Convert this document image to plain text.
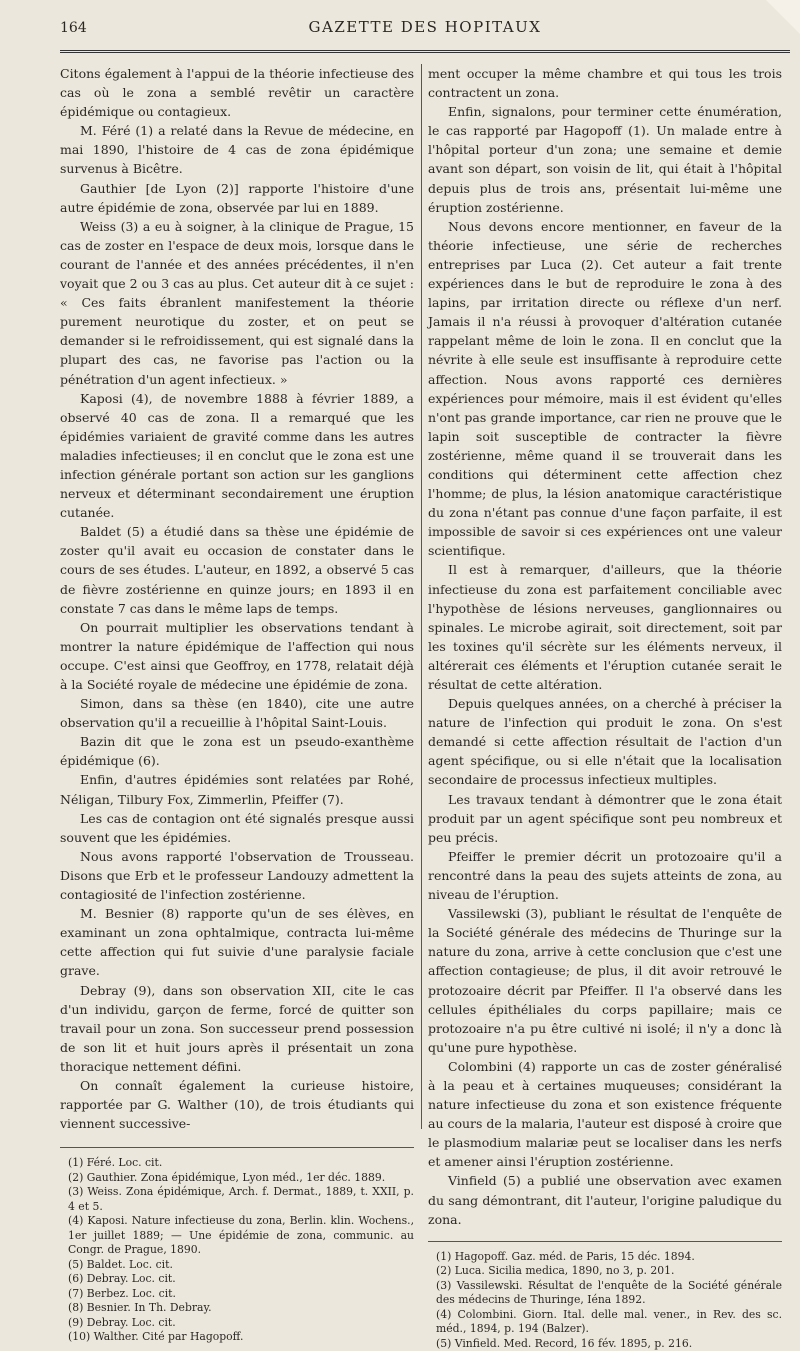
164	GAZETTE DES HOPITAUX

Citons également à l'appui de la théorie infectieuse des cas où le zona a semblé revêtir un caractère épidémique ou contagieux.

M. Féré (1) a relaté dans la Revue de médecine, en mai 1890, l'histoire de 4 cas de zona épidémique survenus à Bicêtre.

Gauthier [de Lyon (2)] rapporte l'histoire d'une autre épidémie de zona, observée par lui en 1889.

Weiss (3) a eu à soigner, à la clinique de Prague, 15 cas de zoster en l'espace de deux mois, lorsque dans le courant de l'année et des années précédentes, il n'en voyait que 2 ou 3 cas au plus. Cet auteur dit à ce sujet : « Ces faits ébranlent manifestement la théorie purement neurotique du zoster, et on peut se demander si le refroidissement, qui est signalé dans la plupart des cas, ne favorise pas l'action ou la pénétration d'un agent infectieux. »

Kaposi (4), de novembre 1888 à février 1889, a observé 40 cas de zona. Il a remarqué que les épidémies variaient de gravité comme dans les autres maladies infectieuses; il en conclut que le zona est une infection générale portant son action sur les ganglions nerveux et déterminant secondairement une éruption cutanée.

Baldet (5) a étudié dans sa thèse une épidémie de zoster qu'il avait eu occasion de constater dans le cours de ses études. L'auteur, en 1892, a observé 5 cas de fièvre zostérienne en quinze jours; en 1893 il en constate 7 cas dans le même laps de temps.

On pourrait multiplier les observations tendant à montrer la nature épidémique de l'affection qui nous occupe. C'est ainsi que Geoffroy, en 1778, relatait déjà à la Société royale de médecine une épidémie de zona.

Simon, dans sa thèse (en 1840), cite une autre observation qu'il a recueillie à l'hôpital Saint-Louis.

Bazin dit que le zona est un pseudo-exanthème épidémique (6).

Enfin, d'autres épidémies sont relatées par Rohé, Néligan, Tilbury Fox, Zimmerlin, Pfeiffer (7).

Les cas de contagion ont été signalés presque aussi souvent que les épidémies.

Nous avons rapporté l'observation de Trousseau. Disons que Erb et le professeur Landouzy admettent la contagiosité de l'infection zostérienne.

M. Besnier (8) rapporte qu'un de ses élèves, en examinant un zona ophtalmique, contracta lui-même cette affection qui fut suivie d'une paralysie faciale grave.

Debray (9), dans son observation XII, cite le cas d'un individu, garçon de ferme, forcé de quitter son travail pour un zona. Son successeur prend possession de son lit et huit jours après il présentait un zona thoracique nettement défini.

On connaît également la curieuse histoire, rapportée par G. Walther (10), de trois étudiants qui viennent successive-

(1) Féré. Loc. cit.
(2) Gauthier. Zona épidémique, Lyon méd., 1er déc. 1889.
(3) Weiss. Zona épidémique, Arch. f. Dermat., 1889, t. XXII, p. 4 et 5.
(4) Kaposi. Nature infectieuse du zona, Berlin. klin. Wochens., 1er juillet 1889; — Une épidémie de zona, communic. au Congr. de Prague, 1890.
(5) Baldet. Loc. cit.
(6) Debray. Loc. cit.
(7) Berbez. Loc. cit.
(8) Besnier. In Th. Debray.
(9) Debray. Loc. cit.
(10) Walther. Cité par Hagopoff.

ment occuper la même chambre et qui tous les trois contractent un zona.

Enfin, signalons, pour terminer cette énumération, le cas rapporté par Hagopoff (1). Un malade entre à l'hôpital porteur d'un zona; une semaine et demie avant son départ, son voisin de lit, qui était à l'hôpital depuis plus de trois ans, présentait lui-même une éruption zostérienne.

Nous devons encore mentionner, en faveur de la théorie infectieuse, une série de recherches entreprises par Luca (2). Cet auteur a fait trente expériences dans le but de reproduire le zona à des lapins, par irritation directe ou réflexe d'un nerf. Jamais il n'a réussi à provoquer d'altération cutanée rappelant même de loin le zona. Il en conclut que la névrite à elle seule est insuffisante à reproduire cette affection. Nous avons rapporté ces dernières expériences pour mémoire, mais il est évident qu'elles n'ont pas grande importance, car rien ne prouve que le lapin soit susceptible de contracter la fièvre zostérienne, même quand il se trouverait dans les conditions qui déterminent cette affection chez l'homme; de plus, la lésion anatomique caractéristique du zona n'étant pas connue d'une façon parfaite, il est impossible de savoir si ces expériences ont une valeur scientifique.

Il est à remarquer, d'ailleurs, que la théorie infectieuse du zona est parfaitement conciliable avec l'hypothèse de lésions nerveuses, ganglionnaires ou spinales. Le microbe agirait, soit directement, soit par les toxines qu'il sécrète sur les éléments nerveux, il altérerait ces éléments et l'éruption cutanée serait le résultat de cette altération.

Depuis quelques années, on a cherché à préciser la nature de l'infection qui produit le zona. On s'est demandé si cette affection résultait de l'action d'un agent spécifique, ou si elle n'était que la localisation secondaire de processus infectieux multiples.

Les travaux tendant à démontrer que le zona était produit par un agent spécifique sont peu nombreux et peu précis.

Pfeiffer le premier décrit un protozoaire qu'il a rencontré dans la peau des sujets atteints de zona, au niveau de l'éruption.

Vassilewski (3), publiant le résultat de l'enquête de la Société générale des médecins de Thuringe sur la nature du zona, arrive à cette conclusion que c'est une affection contagieuse; de plus, il dit avoir retrouvé le protozoaire décrit par Pfeiffer. Il l'a observé dans les cellules épithéliales du corps papillaire; mais ce protozoaire n'a pu être cultivé ni isolé; il n'y a donc là qu'une pure hypothèse.

Colombini (4) rapporte un cas de zoster généralisé à la peau et à certaines muqueuses; considérant la nature infectieuse du zona et son existence fréquente au cours de la malaria, l'auteur est disposé à croire que le plasmodium malariæ peut se localiser dans les nerfs et amener ainsi l'éruption zostérienne.

Vinfield (5) a publié une observation avec examen du sang démontrant, dit l'auteur, l'origine paludique du zona.

(1) Hagopoff. Gaz. méd. de Paris, 15 déc. 1894.
(2) Luca. Sicilia medica, 1890, no 3, p. 201.
(3) Vassilewski. Résultat de l'enquête de la Société générale des médecins de Thuringe, Iéna 1892.
(4) Colombini. Giorn. Ital. delle mal. vener., in Rev. des sc. méd., 1894, p. 194 (Balzer).
(5) Vinfield. Med. Record, 16 fév. 1895, p. 216.
